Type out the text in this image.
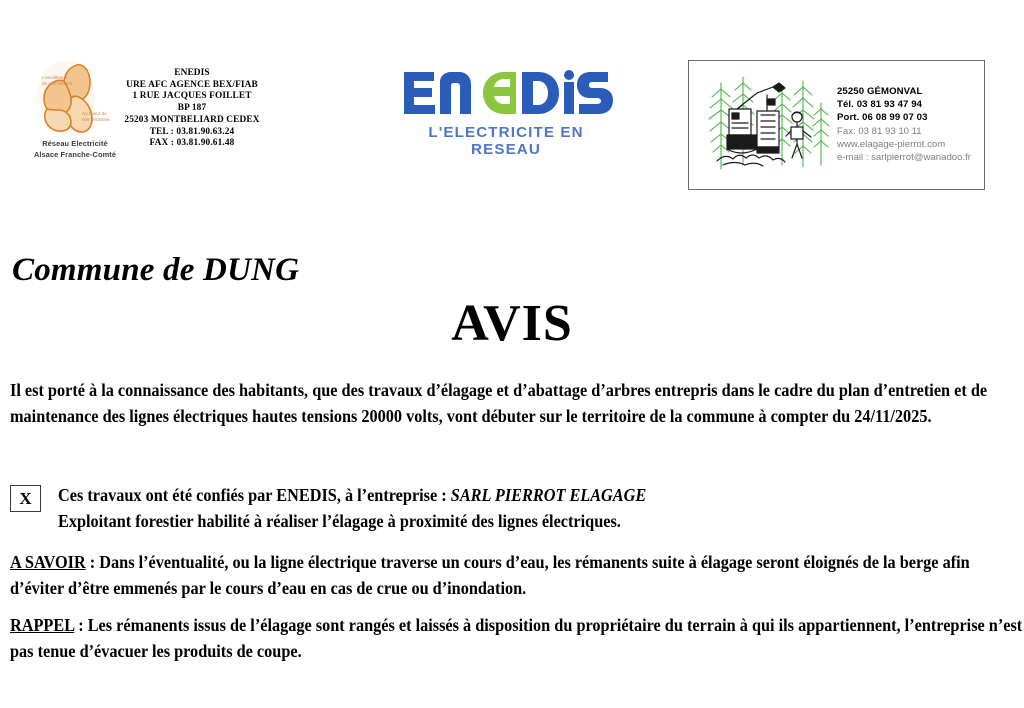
L'excellence
de nos métiers
Au coeur de
nos territoires
Réseau Electricité
Alsace Franche-Comté
ENEDIS
URE AFC AGENCE BEX/FIAB
1 RUE JACQUES FOILLET
BP 187
25203 MONTBELIARD CEDEX
TEL : 03.81.90.63.24
FAX : 03.81.90.61.48
L'ELECTRICITE EN RESEAU
25250 GÉMONVAL
Tél. 03 81 93 47 94
Port. 06 08 99 07 03
Fax. 03 81 93 10 11
www.elagage-pierrot.com
e-mail : sarlpierrot@wanadoo.fr
Commune de DUNG
AVIS
Il est porté à la connaissance des habitants, que des travaux d’élagage et d’abattage d’arbres entrepris dans le cadre du plan d’entretien et de maintenance des lignes électriques hautes tensions 20000 volts, vont débuter sur le territoire de la commune à compter du 24/11/2025.
X	Ces travaux ont été confiés par ENEDIS, à l’entreprise : SARL PIERROT ELAGAGE
Exploitant forestier habilité à réaliser l’élagage à proximité des lignes électriques.
A SAVOIR : Dans l’éventualité, ou la ligne électrique traverse un cours d’eau, les rémanents suite à élagage seront éloignés de la berge afin d’éviter d’être emmenés par le cours d’eau en cas de crue ou d’inondation.
RAPPEL : Les rémanents issus de l’élagage sont rangés et laissés à disposition du propriétaire du terrain à qui ils appartiennent, l’entreprise n’est pas tenue d’évacuer les produits de coupe.
